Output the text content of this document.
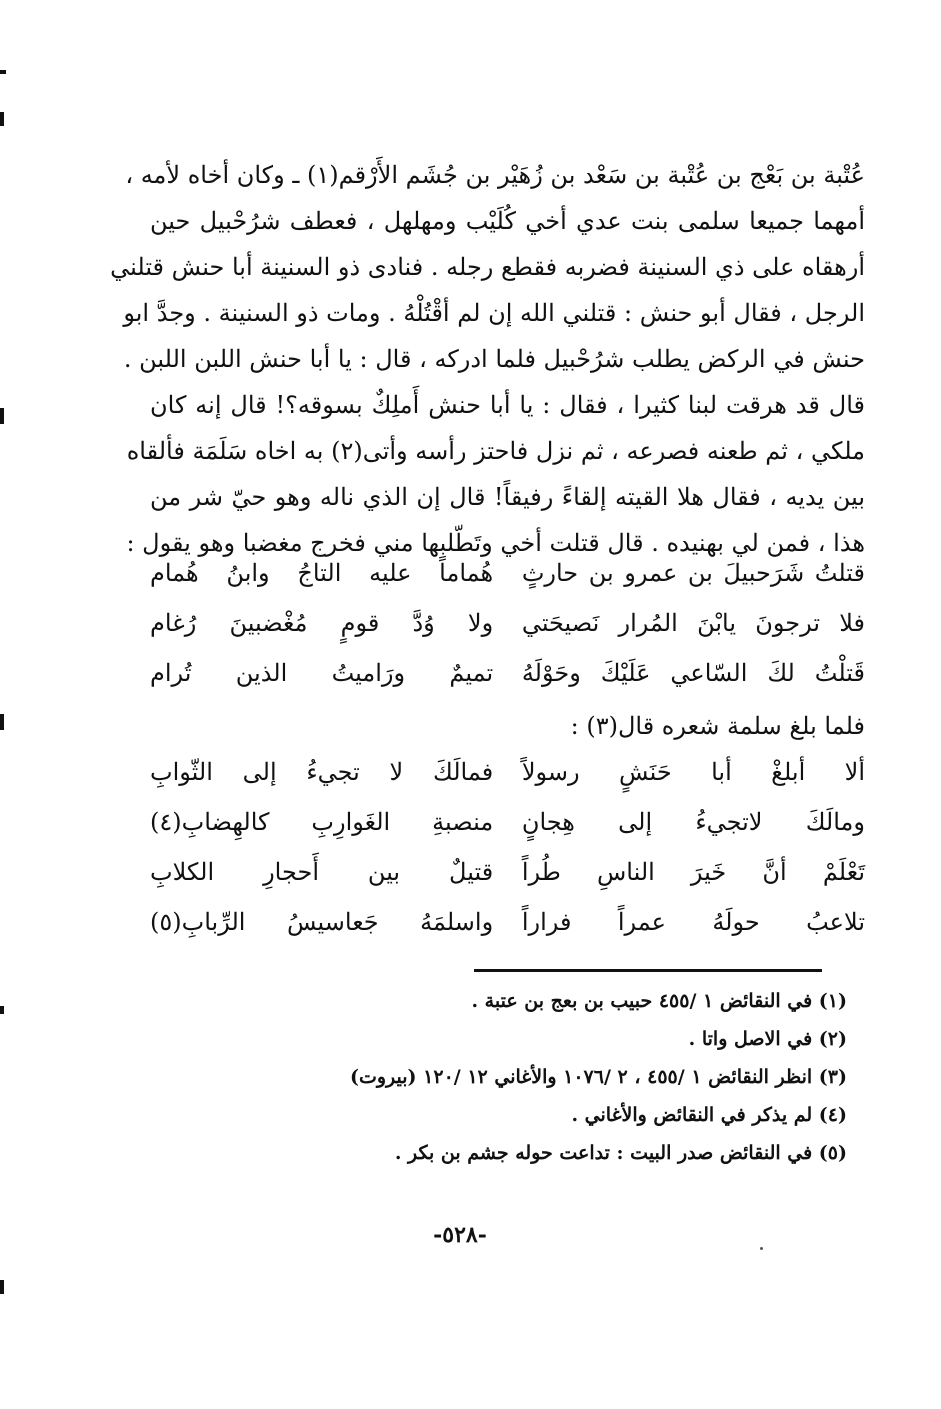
عُتْبة بن بَعْج بن عُتْبة بن سَعْد بن زُهَيْر بن جُشَم الأَرْقم(١) ـ وكان أخاه لأمه ،
أمهما جميعا سلمى بنت عدي أخي كُلَيْب ومهلهل ، فعطف شرُحْبيل حين
أرهقاه على ذي السنينة فضربه فقطع رجله . فنادى ذو السنينة أبا حنش قتلني
الرجل ، فقال أبو حنش : قتلني الله إن لم أقْتُلْهُ . ومات ذو السنينة . وجدَّ ابو
حنش في الركض يطلب شرُحْبيل فلما ادركه ، قال : يا أبا حنش اللبن اللبن .
قال قد هرقت لبنا كثيرا ، فقال : يا أبا حنش أَملِكٌ بسوقه؟! قال إنه كان
ملكي ، ثم طعنه فصرعه ، ثم نزل فاحتز رأسه وأتى(٢) به اخاه سَلَمَة فألقاه
بين يديه ، فقال هلا القيته إلقاءً رفيقاً! قال إن الذي ناله وهو حيّ شر من
هذا ، فمن لي بهنيده . قال قتلت أخي وتَطّلبها مني فخرج مغضبا وهو يقول :
قتلتُ شَرَحبيلَ بن عمرو بن حارثٍ
هُماماً عليه التاجُ وابنُ هُمام
فلا ترجونَ يابْنَ المُرار نَصيحَتي
ولا وُدَّ قومٍ مُغْضبينَ رُغام
قَتلْتُ لكَ السّاعي عَلَيْكَ وحَوْلَهُ
تميمٌ ورَاميتُ الذين تُرام
فلما بلغ سلمة شعره قال(٣) :
ألا أبلغْ أبا حَنَشٍ رسولاً
فمالَكَ لا تجيءُ إلى الثّوابِ
ومالَكَ لاتجيءُ إلى هِجانٍ
منصبةِ الغَوارِبِ كالهِضابِ(٤)
تَعْلَمْ أنَّ خَيرَ الناسِ طُراً
قتيلٌ بين أَحجارِ الكلابِ
تلاعبُ حولَهُ عمراً فراراً
واسلمَهُ جَعاسيسُ الرِّبابِ(٥)
(١) في النقائض ١ /٤٥٥ حبيب بن بعج بن عتبة .
(٢) في الاصل واتا .
(٣) انظر النقائض ١ /٤٥٥ ، ٢ /١٠٧٦ والأغاني ١٢ /١٢٠ (بيروت)
(٤) لم يذكر في النقائض والأغاني .
(٥) في النقائض صدر البيت : تداعت حوله جشم بن بكر .
-٥٢٨-
